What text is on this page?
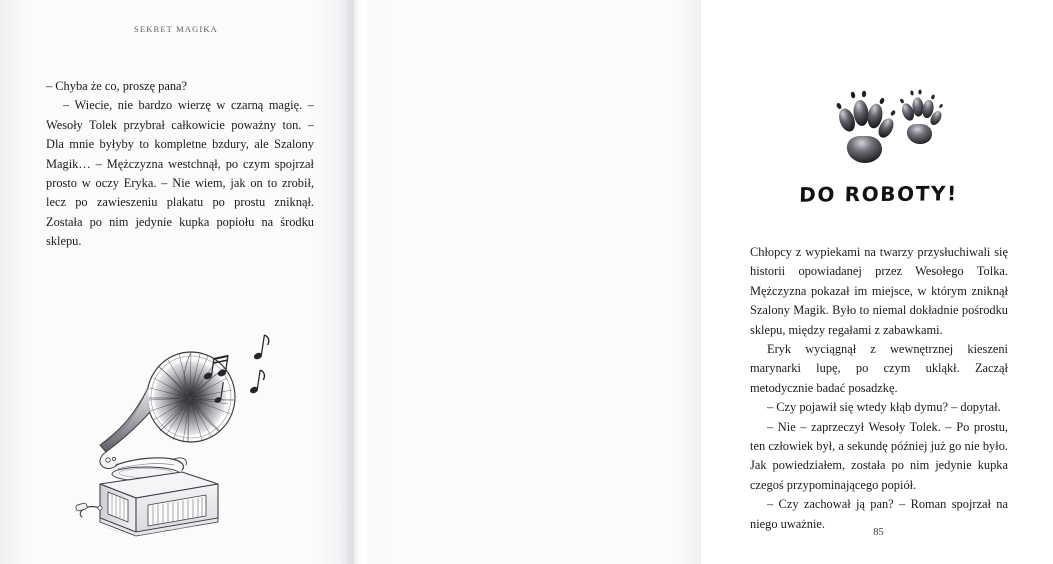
SEKRET MAGIKA

– Chyba że co, proszę pana?

– Wiecie, nie bardzo wierzę w czarną magię. – Wesoły Tolek przybrał całkowicie poważny ton. – Dla mnie byłyby to kompletne bzdury, ale Szalony Magik… – Mężczyzna westchnął, po czym spojrzał prosto w oczy Eryka. – Nie wiem, jak on to zrobił, lecz po zawieszeniu plakatu po prostu zniknął. Została po nim jedynie kupka popiołu na środku sklepu.

DO ROBOTY!

Chłopcy z wypiekami na twarzy przysłuchiwali się historii opowiadanej przez Wesołego Tolka. Mężczyzna pokazał im miejsce, w którym zniknął Szalony Magik. Było to niemal dokładnie pośrodku sklepu, między regałami z zabawkami.

Eryk wyciągnął z wewnętrznej kieszeni marynarki lupę, po czym ukląkł. Zaczął metodycznie badać posadzkę.

– Czy pojawił się wtedy kłąb dymu? – dopytał.

– Nie – zaprzeczył Wesoły Tolek. – Po prostu, ten człowiek był, a sekundę później już go nie było. Jak powiedziałem, została po nim jedynie kupka czegoś przypominającego popiół.

– Czy zachował ją pan? – Roman spojrzał na niego uważnie.

85
